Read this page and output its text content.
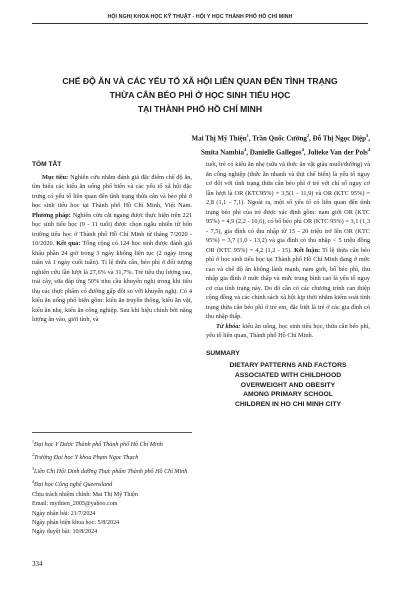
HỘI NGHỊ KHOA HỌC KỸ THUẬT - HỘI Y HỌC THÀNH PHỐ HỒ CHÍ MINH
CHẾ ĐỘ ĂN VÀ CÁC YẾU TỐ XÃ HỘI LIÊN QUAN ĐẾN TÌNH TRẠNG
THỪA CÂN BÉO PHÌ Ở HỌC SINH TIỂU HỌC
TẠI THÀNH PHỐ HỒ CHÍ MINH
Mai Thị Mỹ Thiện$^1$, Trần Quốc Cường$^2$, Đỗ Thị Ngọc Diệp$^3$,
Smita Nambia$^4$, Danielle Gallegos$^4$, Jolieke Van der Pols$^4$
TÓM TẮT

Mục tiêu: Nghiên cứu nhằm đánh giá đặc điểm chế độ ăn, tìm hiểu các kiểu ăn uống phổ biến và các yếu tố xã hội đặc trưng có yếu tố liên quan đến tình trạng thừa cân và béo phì ở học sinh tiểu học tại Thành phố Hồ Chí Minh, Việt Nam. Phương pháp: Nghiên cứu cắt ngang được thực hiện trên 221 học sinh tiểu học (9 - 11 tuổi) được chọn ngẫu nhiên từ bốn trường tiểu học ở Thành phố Hồ Chí Minh từ tháng 7/2020 - 10/2020. Kết quả: Tổng cộng có 124 học sinh được đánh giá khẩu phần 24 giờ trong 3 ngày không liên tục (2 ngày trong tuần và 1 ngày cuối tuần). Tỉ lệ thừa cân, béo phì ở đối tượng nghiên cứu lần lượt là 27,6% và 31,7%. Trẻ tiêu thụ lượng rau, trái cây, sữa đáp ứng 50% nhu cầu khuyến nghị trong khi tiêu thụ các thực phẩm có đường gấp đôi so với khuyến nghị. Có 4 kiểu ăn uống phổ biến gồm: kiểu ăn truyền thống, kiểu ăn vặt, kiểu ăn nhẹ, kiểu ăn công nghiệp. Sau khi hiệu chỉnh bởi năng lượng ăn vào, giới tính, và

$^1$Đại học Y Dược Thành phố Thành phố Hồ Chí Minh
$^2$Trường Đại học Y khoa Phạm Ngọc Thạch
$^3$Liên Chi Hội Dinh dưỡng Thực phẩm Thành phố Hồ Chí Minh
$^4$Đại học Công nghệ Queensland
Chịu trách nhiệm chính: Mai Thị Mỹ Thiện
Email: mythien_2005@yahoo.com
Ngày nhận bài: 21/7/2024
Ngày phản biện khoa học: 5/8/2024
Ngày duyệt bài: 10/8/2024

tuổi, trẻ có kiểu ăn nhẹ (sữa và thức ăn vặt giàu muối/đường) và ăn công nghiệp (thức ăn nhanh và thịt chế biến) là yếu tố nguy cơ đối với tình trạng thừa cân béo phì ở trẻ với chỉ số nguy cơ lần lượt là OR (KTC95%) = 3,5(1 - 11,9) và OR (KTC 95%) = 2,8 (1,1 - 7,1). Ngoài ra, một số yếu tố có liên quan đến tình trạng béo phì của trẻ được xác định gồm: nam giới OR (KTC 95%) = 4,9 (2,2 - 10,6), có bố béo phì OR (KTC 95%) = 3,1 (1,3 - 7,5), gia đình có thu nhập từ 15 - 20 triệu trở lên OR (KTC 95%) = 3,7 (1,0 - 13,2) và gia đình có thu nhập < 5 triệu đồng OR (KTC 95%) = 4,2 (1,2 - 15). Kết luận: Tỉ lệ thừa cân béo phì ở học sinh tiểu học tại Thành phố Hồ Chí Minh đang ở mức cao và chế độ ăn không lành mạnh, nam giới, bố béo phì, thu nhập gia đình ở mức thấp và mức trung bình cao là yếu tố nguy cơ của tình trạng này. Do đó cần có các chương trình can thiệp cộng đồng và các chính sách xã hội kịp thời nhằm kiểm soát tình trạng thừa cân béo phì ở trẻ em, đặc biệt là trẻ ở các gia đình có thu nhập thấp.

Từ khóa: kiểu ăn uống, học sinh tiểu học, thừa cân béo phì, yếu tố liên quan, Thành phố Hồ Chí Minh.

SUMMARY
DIETARY PATTERNS AND FACTORS
ASSOCIATED WITH CHILDHOOD
OVERWEIGHT AND OBESITY
AMONG PRIMARY SCHOOL
CHILDREN IN HO CHI MINH CITY
334
